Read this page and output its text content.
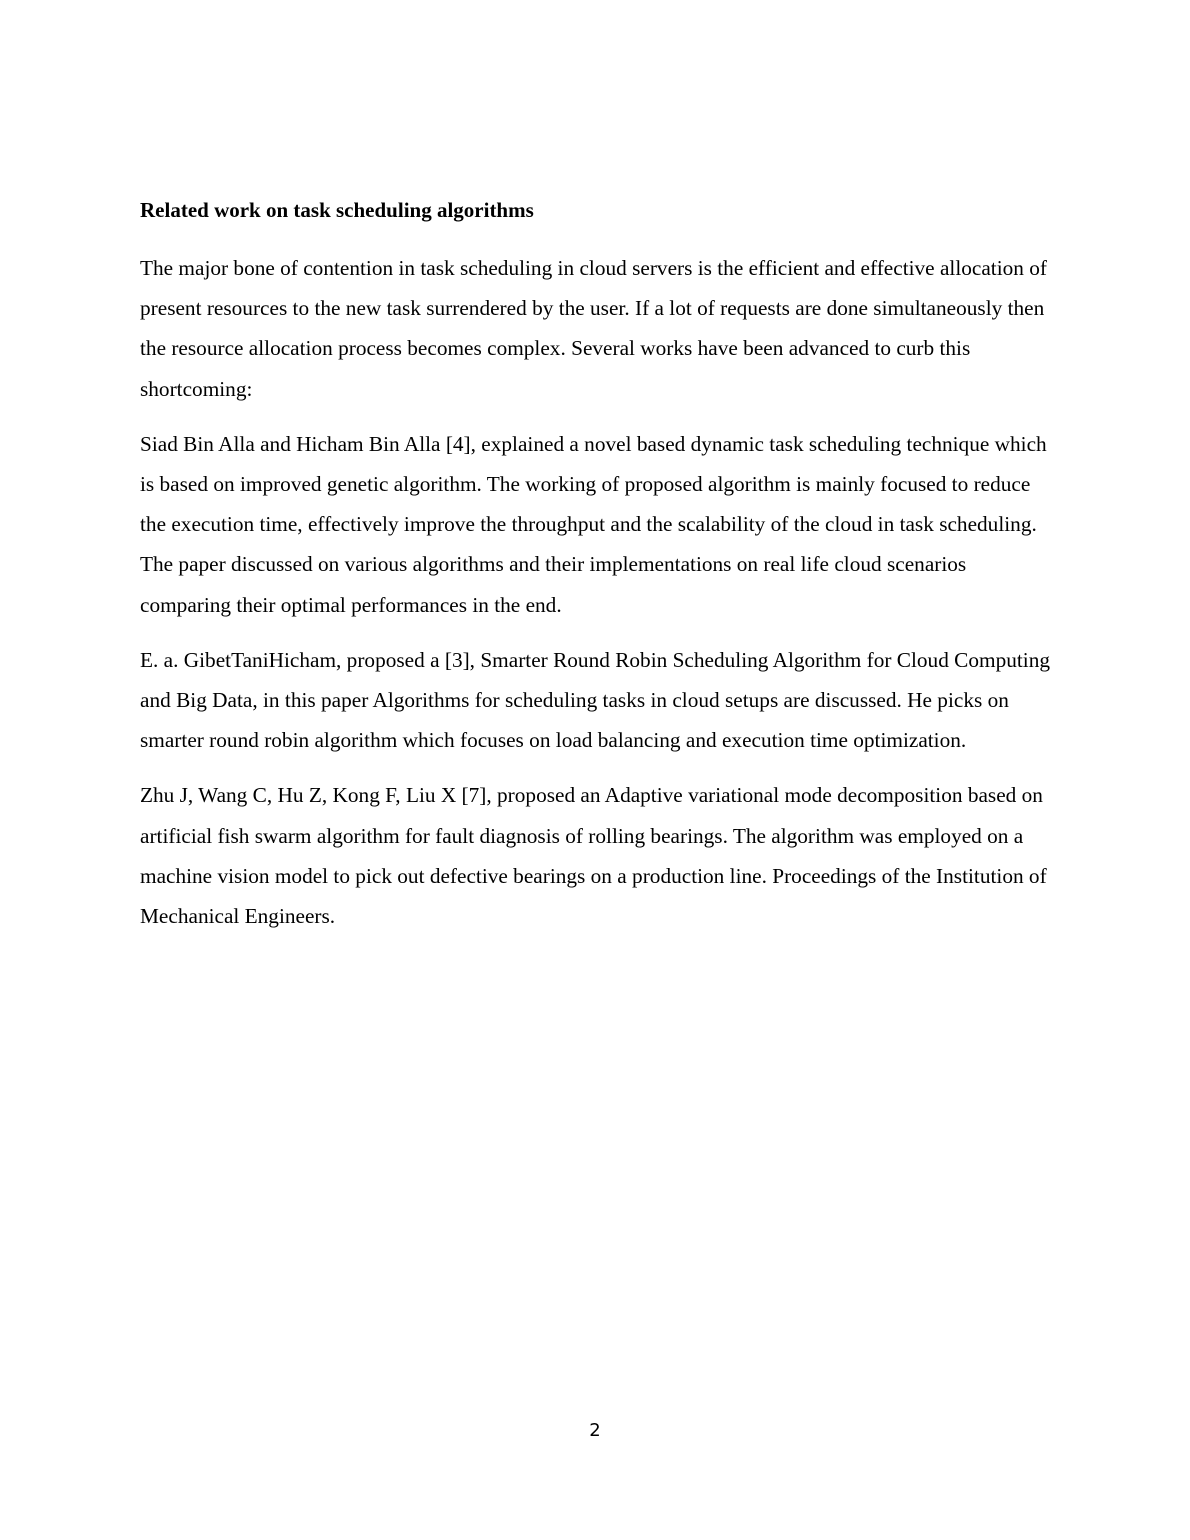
Related work on task scheduling algorithms

The major bone of contention in task scheduling in cloud servers is the efficient and effective allocation of present resources to the new task surrendered by the user. If a lot of requests are done simultaneously then the resource allocation process becomes complex. Several works have been advanced to curb this shortcoming:

Siad Bin Alla and Hicham Bin Alla [4], explained a novel based dynamic task scheduling technique which is based on improved genetic algorithm. The working of proposed algorithm is mainly focused to reduce the execution time, effectively improve the throughput and the scalability of the cloud in task scheduling. The paper discussed on various algorithms and their implementations on real life cloud scenarios comparing their optimal performances in the end.

E. a. GibetTaniHicham, proposed a [3], Smarter Round Robin Scheduling Algorithm for Cloud Computing and Big Data, in this paper Algorithms for scheduling tasks in cloud setups are discussed. He picks on smarter round robin algorithm which focuses on load balancing and execution time optimization.

Zhu J, Wang C, Hu Z, Kong F, Liu X [7], proposed an Adaptive variational mode decomposition based on artificial fish swarm algorithm for fault diagnosis of rolling bearings. The algorithm was employed on a machine vision model to pick out defective bearings on a production line. Proceedings of the Institution of Mechanical Engineers.

2
